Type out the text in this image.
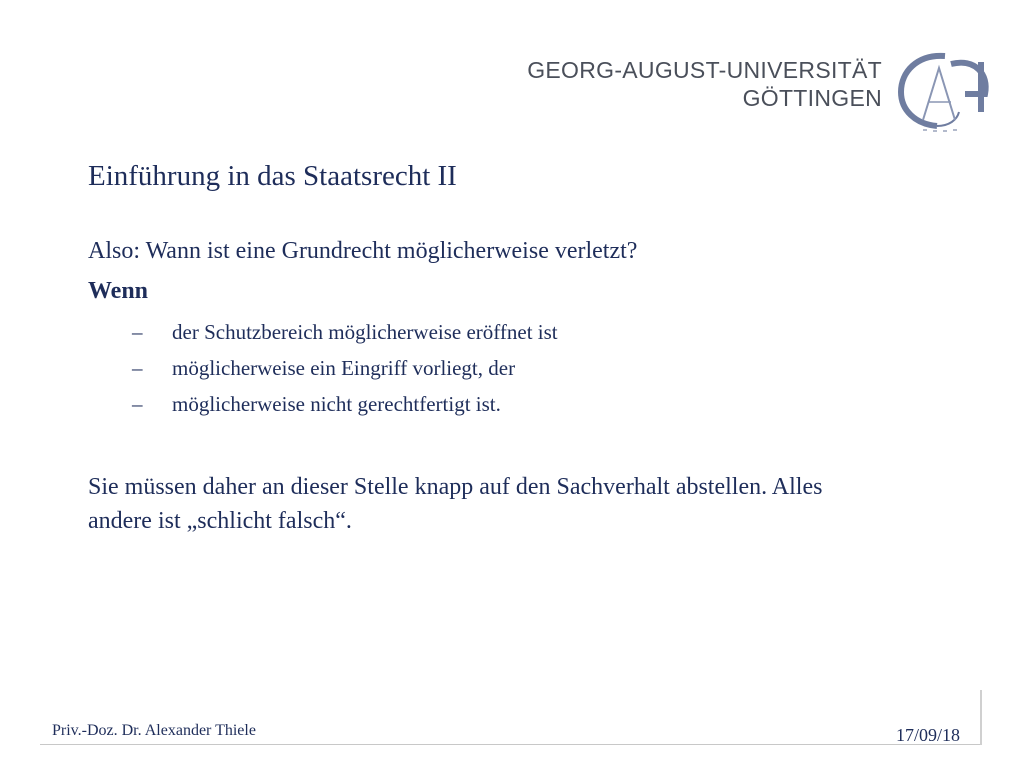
GEORG-AUGUST-UNIVERSITÄT
GÖTTINGEN
Einführung in das Staatsrecht II
Also: Wann ist eine Grundrecht möglicherweise verletzt?
Wenn
– der Schutzbereich möglicherweise eröffnet ist
– möglicherweise ein Eingriff vorliegt, der
– möglicherweise nicht gerechtfertigt ist.
Sie müssen daher an dieser Stelle knapp auf den Sachverhalt abstellen. Alles andere ist „schlicht falsch“.
Priv.-Doz. Dr. Alexander Thiele	17/09/18
